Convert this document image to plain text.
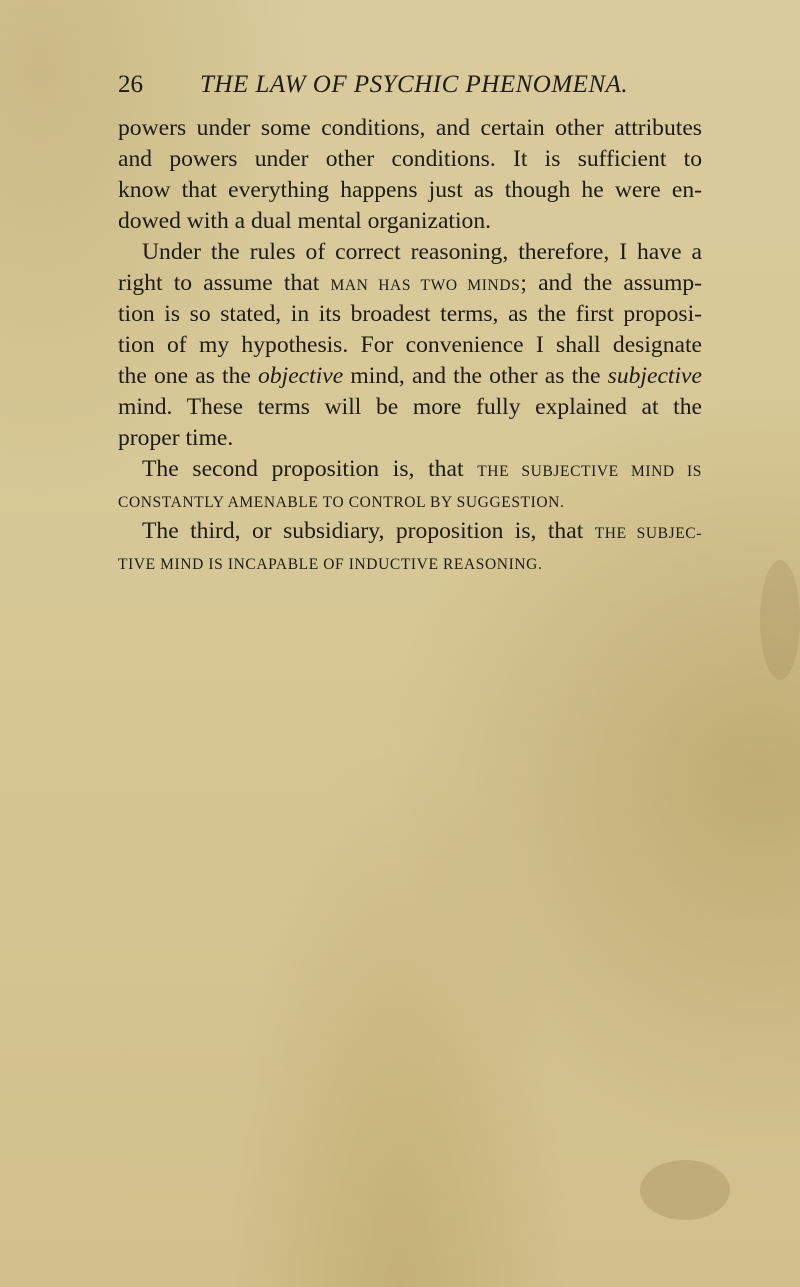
26 THE LAW OF PSYCHIC PHENOMENA.
powers under some conditions, and certain other attributes
and powers under other conditions. It is sufficient to
know that everything happens just as though he were en-
dowed with a dual mental organization.
Under the rules of correct reasoning, therefore, I have a
right to assume that MAN HAS TWO MINDS; and the assump-
tion is so stated, in its broadest terms, as the first proposi-
tion of my hypothesis. For convenience I shall designate
the one as the objective mind, and the other as the subjective
mind. These terms will be more fully explained at the
proper time.
The second proposition is, that THE SUBJECTIVE MIND IS
CONSTANTLY AMENABLE TO CONTROL BY SUGGESTION.
The third, or subsidiary, proposition is, that THE SUBJEC-
TIVE MIND IS INCAPABLE OF INDUCTIVE REASONING.
